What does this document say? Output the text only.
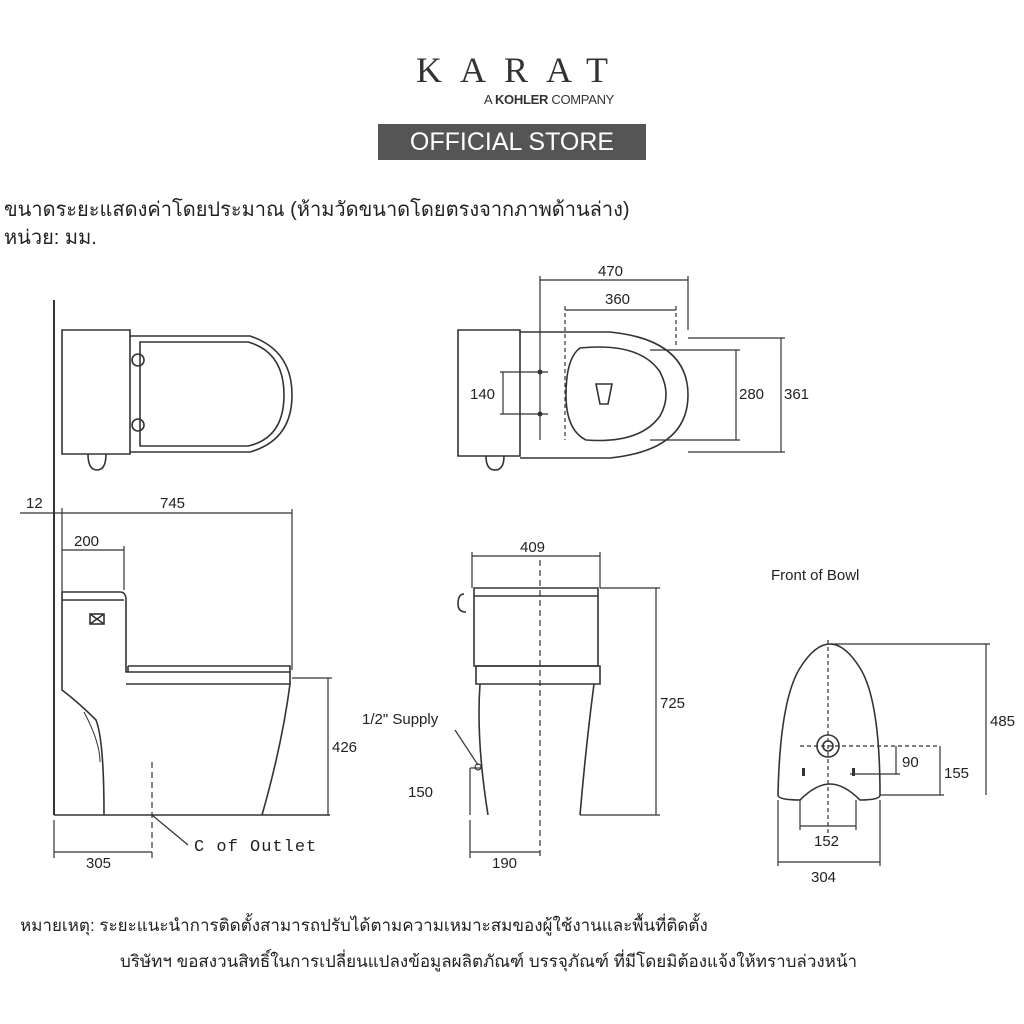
KARAT
A KOHLER COMPANY
OFFICIAL STORE
ขนาดระยะแสดงค่าโดยประมาณ (ห้ามวัดขนาดโดยตรงจากภาพด้านล่าง)
หน่วย: มม.
470
360
140	280 361
12	745
200
426
305
C of Outlet
409
725
1/2" Supply
150
190
Front of Bowl
485
90
155
152
304
หมายเหตุ: ระยะแนะนำการติดตั้งสามารถปรับได้ตามความเหมาะสมของผู้ใช้งานและพื้นที่ติดตั้ง
บริษัทฯ ขอสงวนสิทธิ์ในการเปลี่ยนแปลงข้อมูลผลิตภัณฑ์ บรรจุภัณฑ์ ที่มีโดยมิต้องแจ้งให้ทราบล่วงหน้า
